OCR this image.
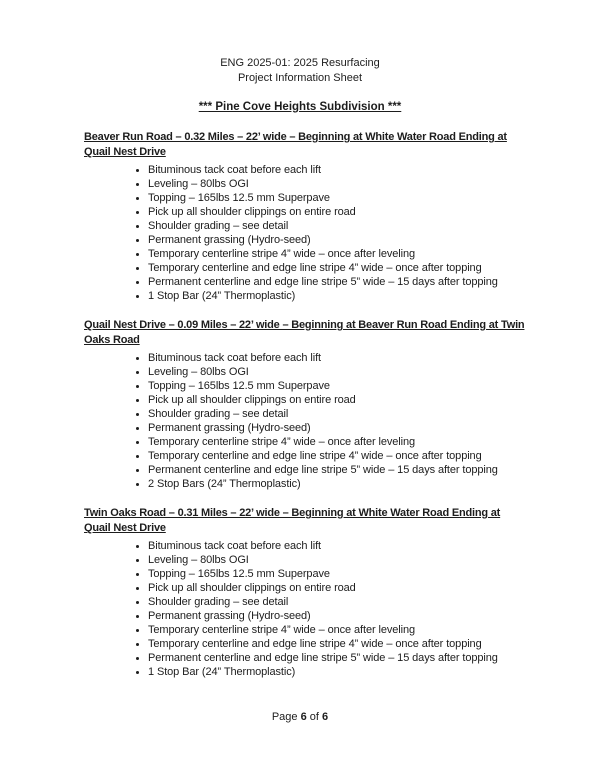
ENG 2025-01: 2025 Resurfacing
Project Information Sheet
*** Pine Cove Heights Subdivision ***
Beaver Run Road – 0.32 Miles – 22’ wide – Beginning at White Water Road Ending at Quail Nest Drive
• Bituminous tack coat before each lift
• Leveling – 80lbs OGI
• Topping – 165lbs 12.5 mm Superpave
• Pick up all shoulder clippings on entire road
• Shoulder grading – see detail
• Permanent grassing (Hydro-seed)
• Temporary centerline stripe 4” wide – once after leveling
• Temporary centerline and edge line stripe 4” wide – once after topping
• Permanent centerline and edge line stripe 5” wide – 15 days after topping
• 1 Stop Bar (24” Thermoplastic)
Quail Nest Drive – 0.09 Miles – 22’ wide – Beginning at Beaver Run Road Ending at Twin Oaks Road
• Bituminous tack coat before each lift
• Leveling – 80lbs OGI
• Topping – 165lbs 12.5 mm Superpave
• Pick up all shoulder clippings on entire road
• Shoulder grading – see detail
• Permanent grassing (Hydro-seed)
• Temporary centerline stripe 4” wide – once after leveling
• Temporary centerline and edge line stripe 4” wide – once after topping
• Permanent centerline and edge line stripe 5” wide – 15 days after topping
• 2 Stop Bars (24” Thermoplastic)
Twin Oaks Road – 0.31 Miles – 22’ wide – Beginning at White Water Road Ending at Quail Nest Drive
• Bituminous tack coat before each lift
• Leveling – 80lbs OGI
• Topping – 165lbs 12.5 mm Superpave
• Pick up all shoulder clippings on entire road
• Shoulder grading – see detail
• Permanent grassing (Hydro-seed)
• Temporary centerline stripe 4” wide – once after leveling
• Temporary centerline and edge line stripe 4” wide – once after topping
• Permanent centerline and edge line stripe 5” wide – 15 days after topping
• 1 Stop Bar (24” Thermoplastic)
Page 6 of 6
